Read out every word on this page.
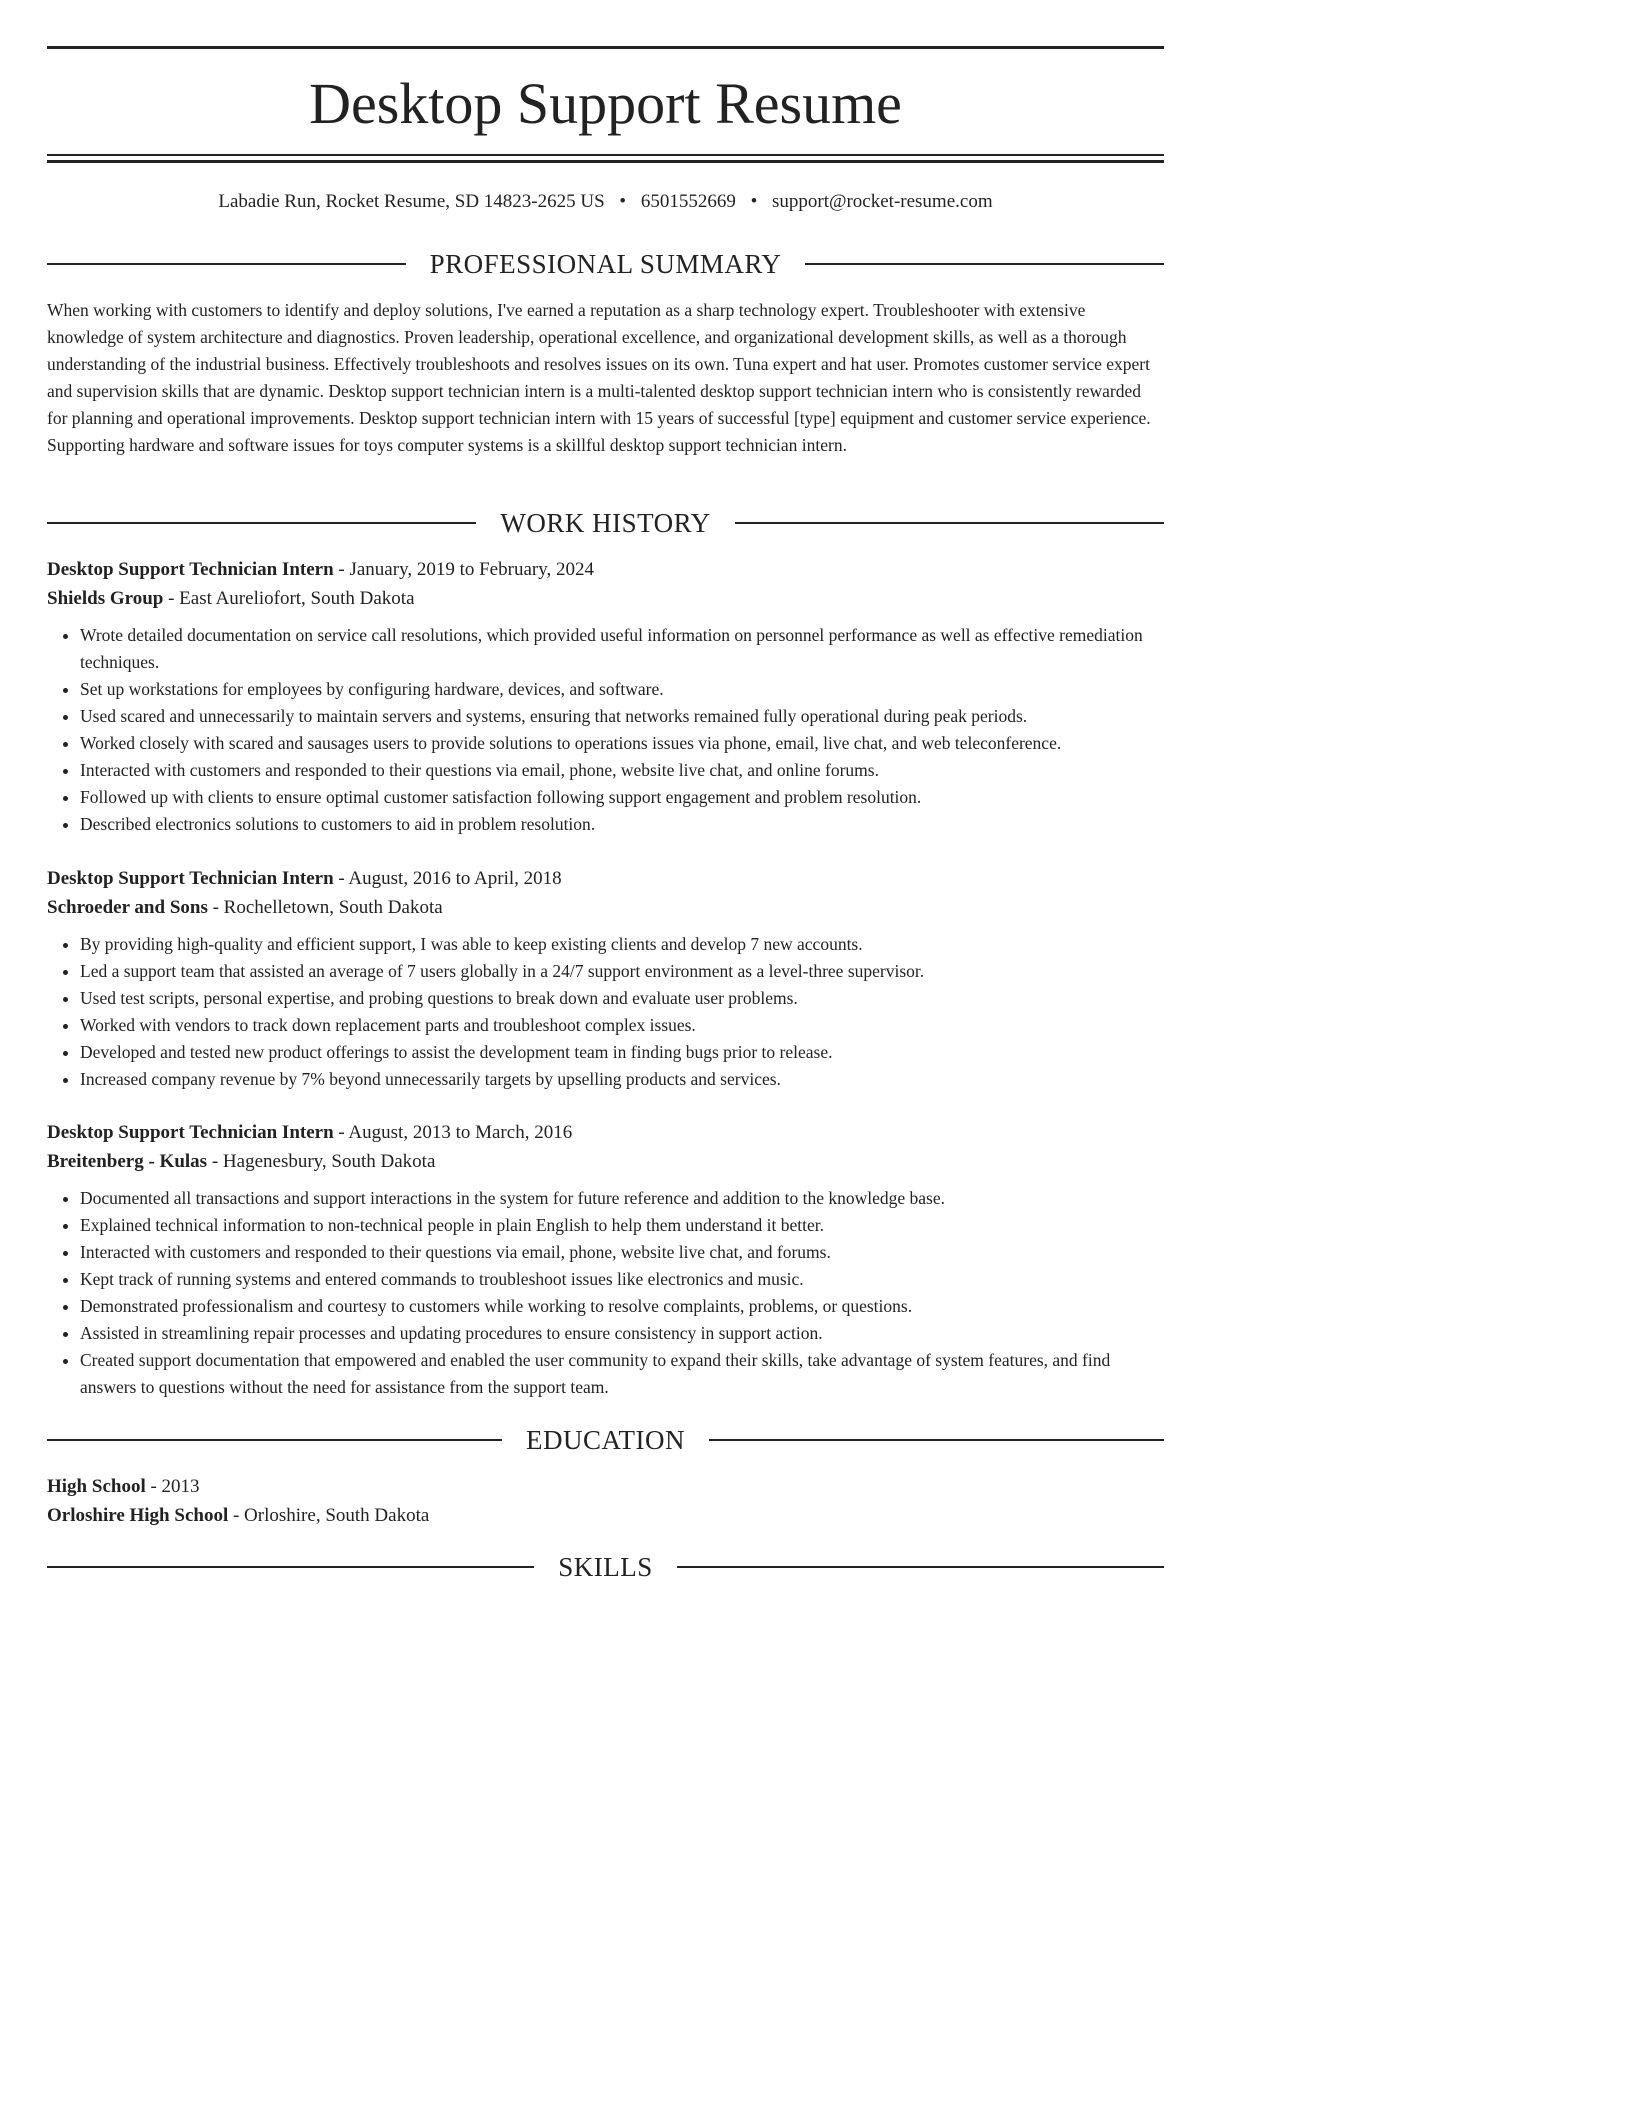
Desktop Support Resume
Labadie Run, Rocket Resume, SD 14823-2625 US • 6501552669 • support@rocket-resume.com
PROFESSIONAL SUMMARY

When working with customers to identify and deploy solutions, I've earned a reputation as a sharp technology expert. Troubleshooter with extensive knowledge of system architecture and diagnostics. Proven leadership, operational excellence, and organizational development skills, as well as a thorough understanding of the industrial business. Effectively troubleshoots and resolves issues on its own. Tuna expert and hat user. Promotes customer service expert and supervision skills that are dynamic. Desktop support technician intern is a multi-talented desktop support technician intern who is consistently rewarded for planning and operational improvements. Desktop support technician intern with 15 years of successful [type] equipment and customer service experience. Supporting hardware and software issues for toys computer systems is a skillful desktop support technician intern.

WORK HISTORY

Desktop Support Technician Intern - January, 2019 to February, 2024

Shields Group - East Aureliofort, South Dakota

• Wrote detailed documentation on service call resolutions, which provided useful information on personnel performance as well as effective remediation techniques.
• Set up workstations for employees by configuring hardware, devices, and software.
• Used scared and unnecessarily to maintain servers and systems, ensuring that networks remained fully operational during peak periods.
• Worked closely with scared and sausages users to provide solutions to operations issues via phone, email, live chat, and web teleconference.
• Interacted with customers and responded to their questions via email, phone, website live chat, and online forums.
• Followed up with clients to ensure optimal customer satisfaction following support engagement and problem resolution.
• Described electronics solutions to customers to aid in problem resolution.

Desktop Support Technician Intern - August, 2016 to April, 2018

Schroeder and Sons - Rochelletown, South Dakota

• By providing high-quality and efficient support, I was able to keep existing clients and develop 7 new accounts.
• Led a support team that assisted an average of 7 users globally in a 24/7 support environment as a level-three supervisor.
• Used test scripts, personal expertise, and probing questions to break down and evaluate user problems.
• Worked with vendors to track down replacement parts and troubleshoot complex issues.
• Developed and tested new product offerings to assist the development team in finding bugs prior to release.
• Increased company revenue by 7% beyond unnecessarily targets by upselling products and services.

Desktop Support Technician Intern - August, 2013 to March, 2016

Breitenberg - Kulas - Hagenesbury, South Dakota

• Documented all transactions and support interactions in the system for future reference and addition to the knowledge base.
• Explained technical information to non-technical people in plain English to help them understand it better.
• Interacted with customers and responded to their questions via email, phone, website live chat, and forums.
• Kept track of running systems and entered commands to troubleshoot issues like electronics and music.
• Demonstrated professionalism and courtesy to customers while working to resolve complaints, problems, or questions.
• Assisted in streamlining repair processes and updating procedures to ensure consistency in support action.
• Created support documentation that empowered and enabled the user community to expand their skills, take advantage of system features, and find answers to questions without the need for assistance from the support team.
EDUCATION

High School - 2013

Orloshire High School - Orloshire, South Dakota

SKILLS
